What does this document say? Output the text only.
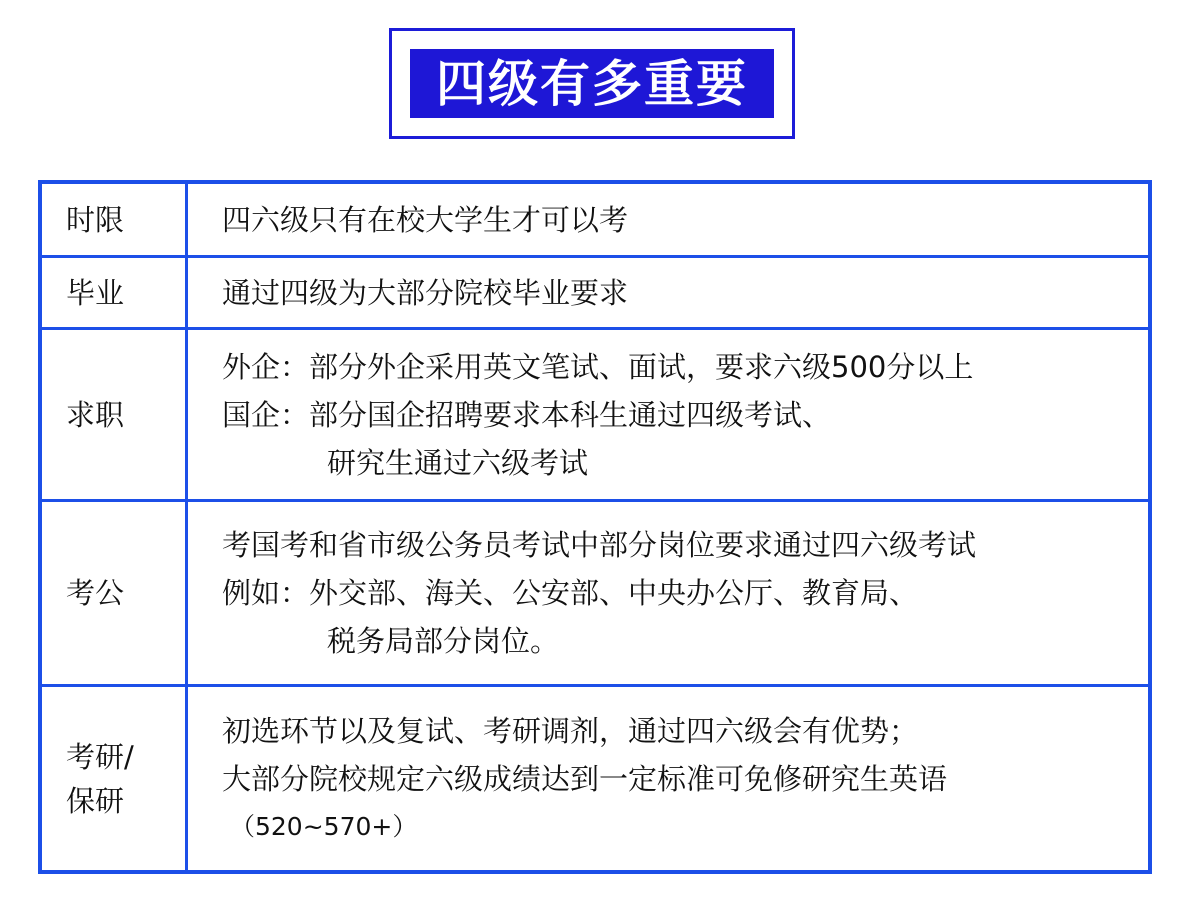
四级有多重要
时限	四六级只有在校大学生才可以考
毕业	通过四级为大部分院校毕业要求
求职
外企：部分外企采用英文笔试、面试，要求六级500分以上
国企：部分国企招聘要求本科生通过四级考试、
研究生通过六级考试
考公
考国考和省市级公务员考试中部分岗位要求通过四六级考试
例如：外交部、海关、公安部、中央办公厅、教育局、
税务局部分岗位。
考研/
保研
初选环节以及复试、考研调剂，通过四六级会有优势；
大部分院校规定六级成绩达到一定标准可免修研究生英语
（520~570+）
